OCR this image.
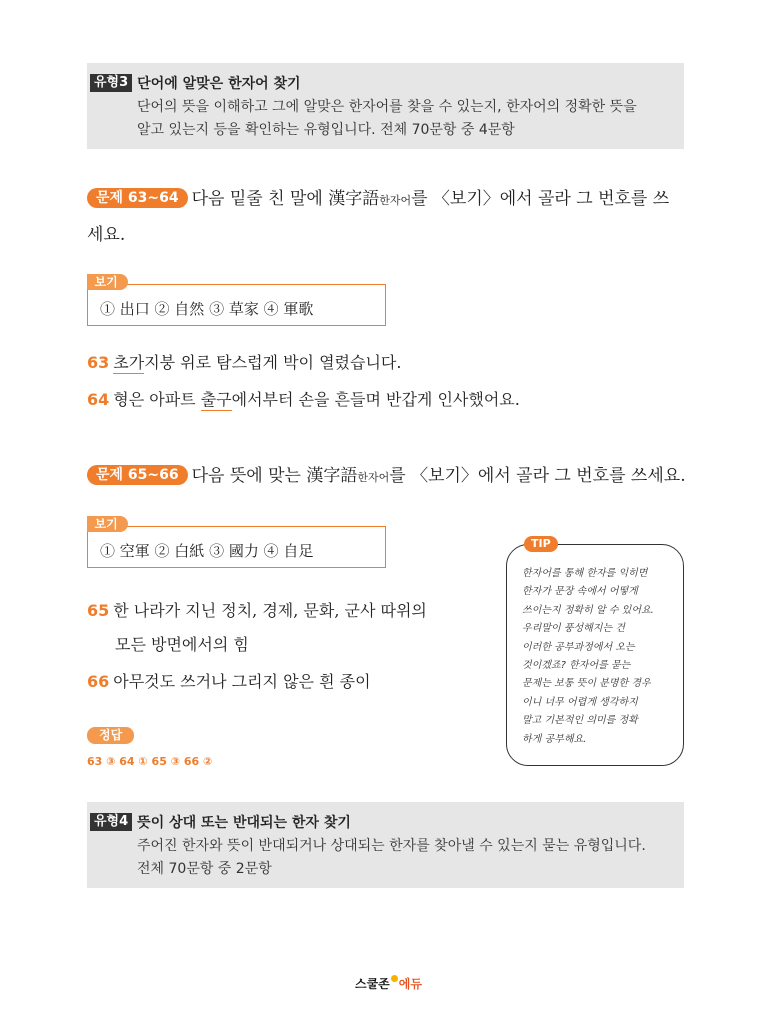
유형3 단어에 알맞은 한자어 찾기
단어의 뜻을 이해하고 그에 알맞은 한자어를 찾을 수 있는지, 한자어의 정확한 뜻을
알고 있는지 등을 확인하는 유형입니다. 전체 70문항 중 4문항
문제 63~64 다음 밑줄 친 말에 漢字語한자어를 〈보기〉에서 골라 그 번호를 쓰
세요.
보기
① 出口 ② 自然 ③ 草家 ④ 軍歌
63 초가지붕 위로 탐스럽게 박이 열렸습니다.
64 형은 아파트 출구에서부터 손을 흔들며 반갑게 인사했어요.
문제 65~66 다음 뜻에 맞는 漢字語한자어를 〈보기〉에서 골라 그 번호를 쓰세요.
보기
① 空軍 ② 白紙 ③ 國力 ④ 自足
65 한 나라가 지닌 정치, 경제, 문화, 군사 따위의
모든 방면에서의 힘
66 아무것도 쓰거나 그리지 않은 흰 종이
TIP
한자어를 통해 한자를 익히면
한자가 문장 속에서 어떻게
쓰이는지 정확히 알 수 있어요.
우리말이 풍성해지는 건
이러한 공부과정에서 오는
것이겠죠? 한자어를 묻는
문제는 보통 뜻이 분명한 경우
이니 너무 어렵게 생각하지
말고 기본적인 의미를 정확
하게 공부해요.
정답
63 ③ 64 ① 65 ③ 66 ②
유형4 뜻이 상대 또는 반대되는 한자 찾기
주어진 한자와 뜻이 반대되거나 상대되는 한자를 찾아낼 수 있는지 묻는 유형입니다.
전체 70문항 중 2문항
스쿨존 에듀
